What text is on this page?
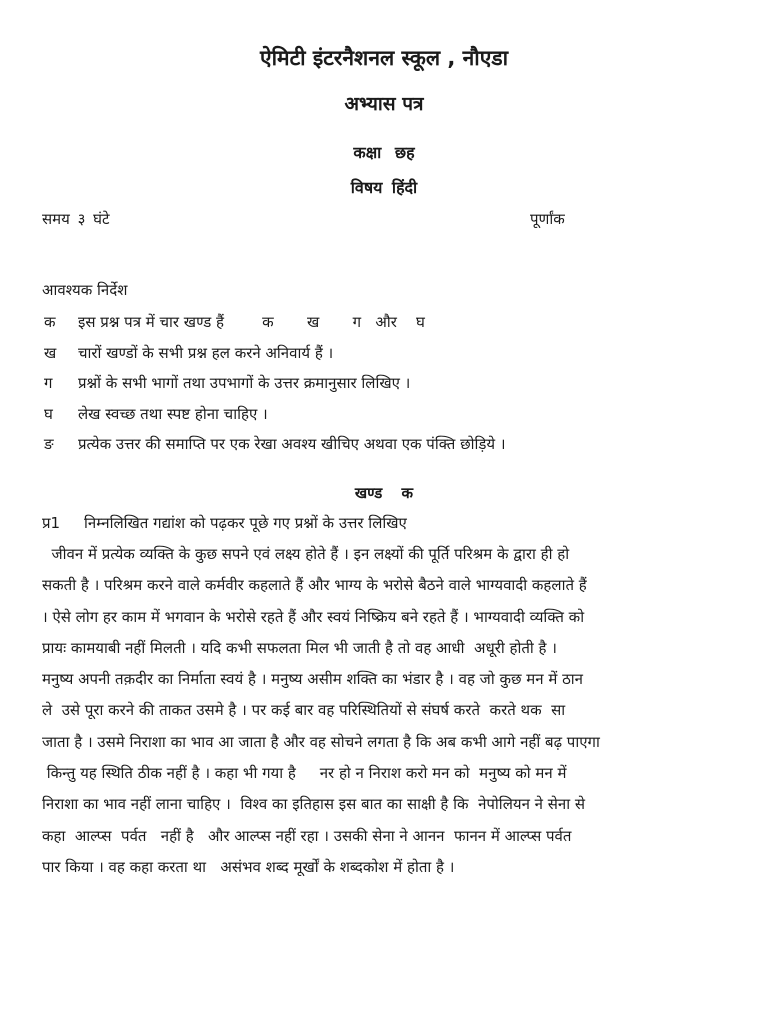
ऐमिटी इंटरनैशनल स्कूल , नौएडा
अभ्यास पत्र
कक्षा छह
विषय हिंदी
समय ३ घंटे	पूर्णांक
आवश्यक निर्देश
क इस प्रश्न पत्र में चार खण्ड हैं        क       ख       ग   और    घ
ख चारों खण्डों के सभी प्रश्न हल करने अनिवार्य हैं ।
ग प्रश्नों के सभी भागों तथा उपभागों के उत्तर क्रमानुसार लिखिए ।
घ लेख स्वच्छ तथा स्पष्ट होना चाहिए ।
ङ प्रत्येक उत्तर की समाप्ति पर एक रेखा अवश्य खीचिए अथवा एक पंक्ति छोड़िये ।
खण्ड क
प्र1 निम्नलिखित गद्यांश को पढ़कर पूछे गए प्रश्नों के उत्तर लिखिए
जीवन में प्रत्येक व्यक्ति के कुछ सपने एवं लक्ष्य होते हैं । इन लक्ष्यों की पूर्ति परिश्रम के द्वारा ही हो
सकती है । परिश्रम करने वाले कर्मवीर कहलाते हैं और भाग्य के भरोसे बैठने वाले भाग्यवादी कहलाते हैं
। ऐसे लोग हर काम में भगवान के भरोसे रहते हैं और स्वयं निष्क्रिय बने रहते हैं । भाग्यवादी व्यक्ति को
प्रायः कामयाबी नहीं मिलती । यदि कभी सफलता मिल भी जाती है तो वह आधी  अधूरी होती है ।
मनुष्य अपनी तक़दीर का निर्माता स्वयं है । मनुष्य असीम शक्ति का भंडार है । वह जो कुछ मन में ठान
ले  उसे पूरा करने की ताकत उसमे है । पर कई बार वह परिस्थितियों से संघर्ष करते  करते थक  सा
जाता है । उसमे निराशा का भाव आ जाता है और वह सोचने लगता है कि अब कभी आगे नहीं बढ़ पाएगा
किन्तु यह स्थिति ठीक नहीं है । कहा भी गया है     नर हो न निराश करो मन को  मनुष्य को मन में
निराशा का भाव नहीं लाना चाहिए ।  विश्व का इतिहास इस बात का साक्षी है कि  नेपोलियन ने सेना से
कहा  आल्प्स  पर्वत   नहीं है   और आल्प्स नहीं रहा । उसकी सेना ने आनन  फानन में आल्प्स पर्वत
पार किया । वह कहा करता था   असंभव शब्द मूर्खों के शब्दकोश में होता है ।
